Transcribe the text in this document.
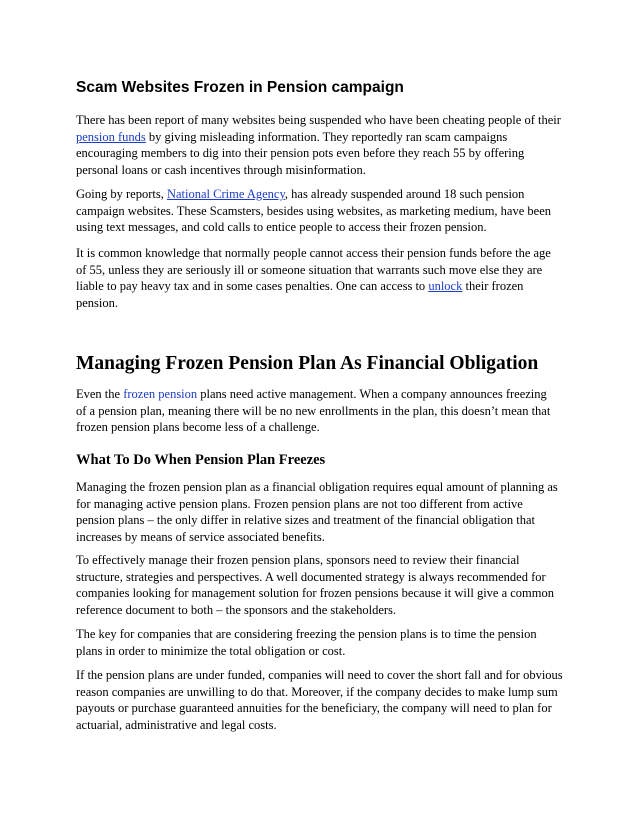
Scam Websites Frozen in Pension campaign

There has been report of many websites being suspended who have been cheating people of their
pension funds by giving misleading information. They reportedly ran scam campaigns
encouraging members to dig into their pension pots even before they reach 55 by offering
personal loans or cash incentives through misinformation.

Going by reports, National Crime Agency, has already suspended around 18 such pension
campaign websites. These Scamsters, besides using websites, as marketing medium, have been
using text messages, and cold calls to entice people to access their frozen pension.

It is common knowledge that normally people cannot access their pension funds before the age
of 55, unless they are seriously ill or someone situation that warrants such move else they are
liable to pay heavy tax and in some cases penalties. One can access to unlock their frozen
pension.

Managing Frozen Pension Plan As Financial Obligation

Even the frozen pension plans need active management. When a company announces freezing
of a pension plan, meaning there will be no new enrollments in the plan, this doesn’t mean that
frozen pension plans become less of a challenge.

What To Do When Pension Plan Freezes

Managing the frozen pension plan as a financial obligation requires equal amount of planning as
for managing active pension plans. Frozen pension plans are not too different from active
pension plans – the only differ in relative sizes and treatment of the financial obligation that
increases by means of service associated benefits.

To effectively manage their frozen pension plans, sponsors need to review their financial
structure, strategies and perspectives. A well documented strategy is always recommended for
companies looking for management solution for frozen pensions because it will give a common
reference document to both – the sponsors and the stakeholders.

The key for companies that are considering freezing the pension plans is to time the pension
plans in order to minimize the total obligation or cost.

If the pension plans are under funded, companies will need to cover the short fall and for obvious
reason companies are unwilling to do that. Moreover, if the company decides to make lump sum
payouts or purchase guaranteed annuities for the beneficiary, the company will need to plan for
actuarial, administrative and legal costs.
